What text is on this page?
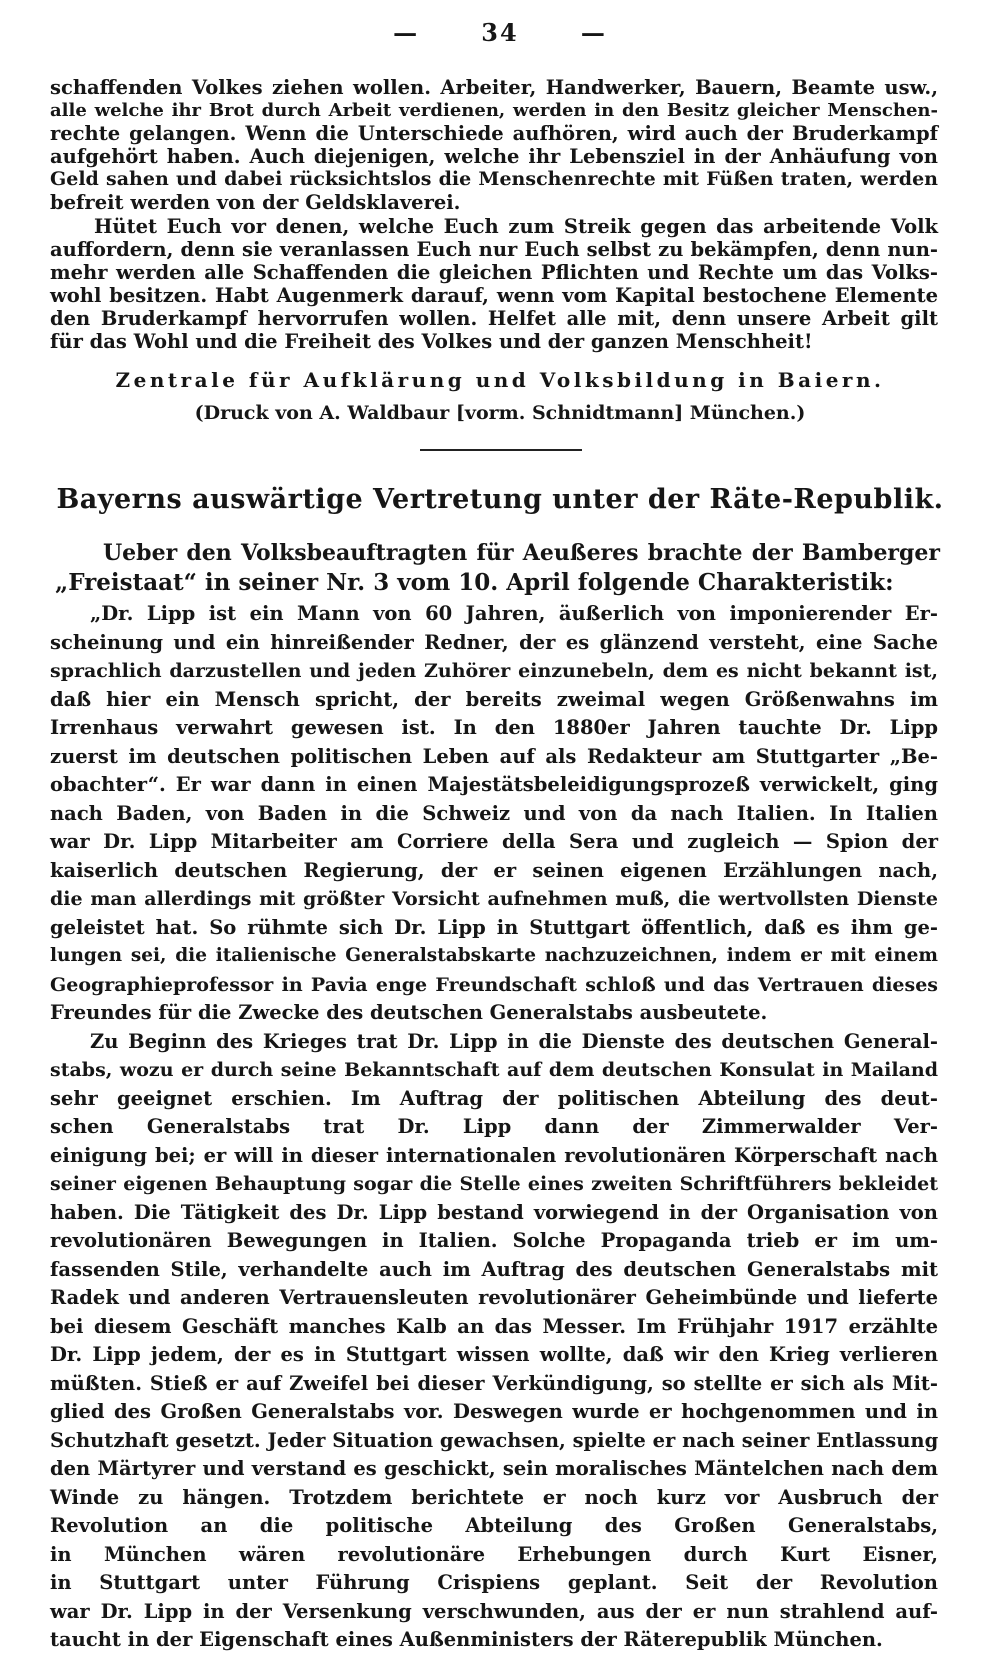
—	34	—
schaffenden Volkes ziehen wollen. Arbeiter, Handwerker, Bauern, Beamte usw.,
alle welche ihr Brot durch Arbeit verdienen, werden in den Besitz gleicher Menschen-
rechte gelangen. Wenn die Unterschiede aufhören, wird auch der Bruderkampf
aufgehört haben. Auch diejenigen, welche ihr Lebensziel in der Anhäufung von
Geld sahen und dabei rücksichtslos die Menschenrechte mit Füßen traten, werden
befreit werden von der Geldsklaverei.
Hütet Euch vor denen, welche Euch zum Streik gegen das arbeitende Volk
auffordern, denn sie veranlassen Euch nur Euch selbst zu bekämpfen, denn nun-
mehr werden alle Schaffenden die gleichen Pflichten und Rechte um das Volks-
wohl besitzen. Habt Augenmerk darauf, wenn vom Kapital bestochene Elemente
den Bruderkampf hervorrufen wollen. Helfet alle mit, denn unsere Arbeit gilt
für das Wohl und die Freiheit des Volkes und der ganzen Menschheit!
Zentrale für Aufklärung und Volksbildung in Baiern.
(Druck von A. Waldbaur [vorm. Schnidtmann] München.)
Bayerns auswärtige Vertretung unter der Räte-Republik.
Ueber den Volksbeauftragten für Aeußeres brachte der Bamberger
„Freistaat“ in seiner Nr. 3 vom 10. April folgende Charakteristik:
„Dr. Lipp ist ein Mann von 60 Jahren, äußerlich von imponierender Er-
scheinung und ein hinreißender Redner, der es glänzend versteht, eine Sache
sprachlich darzustellen und jeden Zuhörer einzunebeln, dem es nicht bekannt ist,
daß hier ein Mensch spricht, der bereits zweimal wegen Größenwahns im
Irrenhaus verwahrt gewesen ist. In den 1880er Jahren tauchte Dr. Lipp
zuerst im deutschen politischen Leben auf als Redakteur am Stuttgarter „Be-
obachter“. Er war dann in einen Majestätsbeleidigungsprozeß verwickelt, ging
nach Baden, von Baden in die Schweiz und von da nach Italien. In Italien
war Dr. Lipp Mitarbeiter am Corriere della Sera und zugleich — Spion der
kaiserlich deutschen Regierung, der er seinen eigenen Erzählungen nach,
die man allerdings mit größter Vorsicht aufnehmen muß, die wertvollsten Dienste
geleistet hat. So rühmte sich Dr. Lipp in Stuttgart öffentlich, daß es ihm ge-
lungen sei, die italienische Generalstabskarte nachzuzeichnen, indem er mit einem
Geographieprofessor in Pavia enge Freundschaft schloß und das Vertrauen dieses
Freundes für die Zwecke des deutschen Generalstabs ausbeutete.
Zu Beginn des Krieges trat Dr. Lipp in die Dienste des deutschen General-
stabs, wozu er durch seine Bekanntschaft auf dem deutschen Konsulat in Mailand
sehr geeignet erschien. Im Auftrag der politischen Abteilung des deut-
schen Generalstabs trat Dr. Lipp dann der Zimmerwalder Ver-
einigung bei; er will in dieser internationalen revolutionären Körperschaft nach
seiner eigenen Behauptung sogar die Stelle eines zweiten Schriftführers bekleidet
haben. Die Tätigkeit des Dr. Lipp bestand vorwiegend in der Organisation von
revolutionären Bewegungen in Italien. Solche Propaganda trieb er im um-
fassenden Stile, verhandelte auch im Auftrag des deutschen Generalstabs mit
Radek und anderen Vertrauensleuten revolutionärer Geheimbünde und lieferte
bei diesem Geschäft manches Kalb an das Messer. Im Frühjahr 1917 erzählte
Dr. Lipp jedem, der es in Stuttgart wissen wollte, daß wir den Krieg verlieren
müßten. Stieß er auf Zweifel bei dieser Verkündigung, so stellte er sich als Mit-
glied des Großen Generalstabs vor. Deswegen wurde er hochgenommen und in
Schutzhaft gesetzt. Jeder Situation gewachsen, spielte er nach seiner Entlassung
den Märtyrer und verstand es geschickt, sein moralisches Mäntelchen nach dem
Winde zu hängen. Trotzdem berichtete er noch kurz vor Ausbruch der
Revolution an die politische Abteilung des Großen Generalstabs,
in München wären revolutionäre Erhebungen durch Kurt Eisner,
in Stuttgart unter Führung Crispiens geplant. Seit der Revolution
war Dr. Lipp in der Versenkung verschwunden, aus der er nun strahlend auf-
taucht in der Eigenschaft eines Außenministers der Räterepublik München.
